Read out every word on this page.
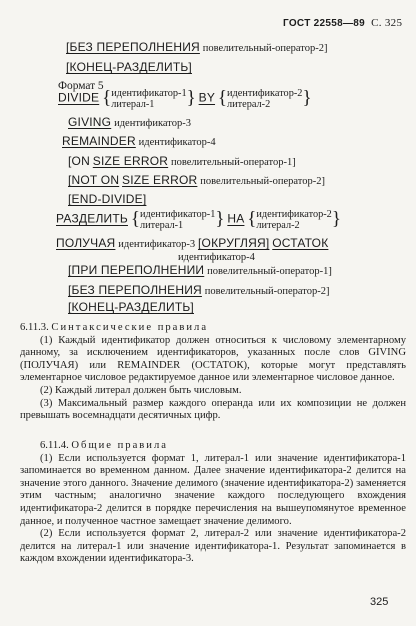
ГОСТ 22558—89 С. 325
[БЕЗ ПЕРЕПОЛНЕНИЯ повелительный-оператор-2]
[КОНЕЦ-РАЗДЕЛИТЬ]
Формат 5
DIVIDE {идентификатор-1
литерал-1 } BY {идентификатор-2
литерал-2 }
GIVING идентификатор-3
REMAINDER идентификатор-4
[ON SIZE ERROR повелительный-оператор-1]
[NOT ON SIZE ERROR повелительный-оператор-2]
[END-DIVIDE]
РАЗДЕЛИТЬ {идентификатор-1
литерал-1 } НА {идентификатор-2
литерал-2 }
ПОЛУЧАЯ идентификатор-3 [ОКРУГЛЯЯ] ОСТАТОК
идентификатор-4
[ПРИ ПЕРЕПОЛНЕНИИ повелительный-оператор-1]
[БЕЗ ПЕРЕПОЛНЕНИЯ повелительный-оператор-2]
[КОНЕЦ-РАЗДЕЛИТЬ]

6.11.3. Синтаксические правила

(1) Каждый идентификатор должен относиться к числовому элементарному данному, за исключением идентификаторов, указанных после слов GIVING (ПОЛУЧАЯ) или REMAINDER (ОСТАТОК), которые могут представлять элементарное числовое редактируемое данное или элементарное числовое данное.

(2) Каждый литерал должен быть числовым.

(3) Максимальный размер каждого операнда или их композиции не должен превышать восемнадцати десятичных цифр.

6.11.4. Общие правила

(1) Если используется формат 1, литерал-1 или значение идентификатора-1 запоминается во временном данном. Далее значение идентификатора-2 делится на значение этого данного. Значение делимого (значение идентификатора-2) заменяется этим частным; аналогично значение каждого последующего вхождения идентификатора-2 делится в порядке перечисления на вышеупомянутое временное данное, и полученное частное замещает значение делимого.

(2) Если используется формат 2, литерал-2 или значение идентификатора-2 делится на литерал-1 или значение идентификатора-1. Результат запоминается в каждом вхождении идентификатора-3.

325
